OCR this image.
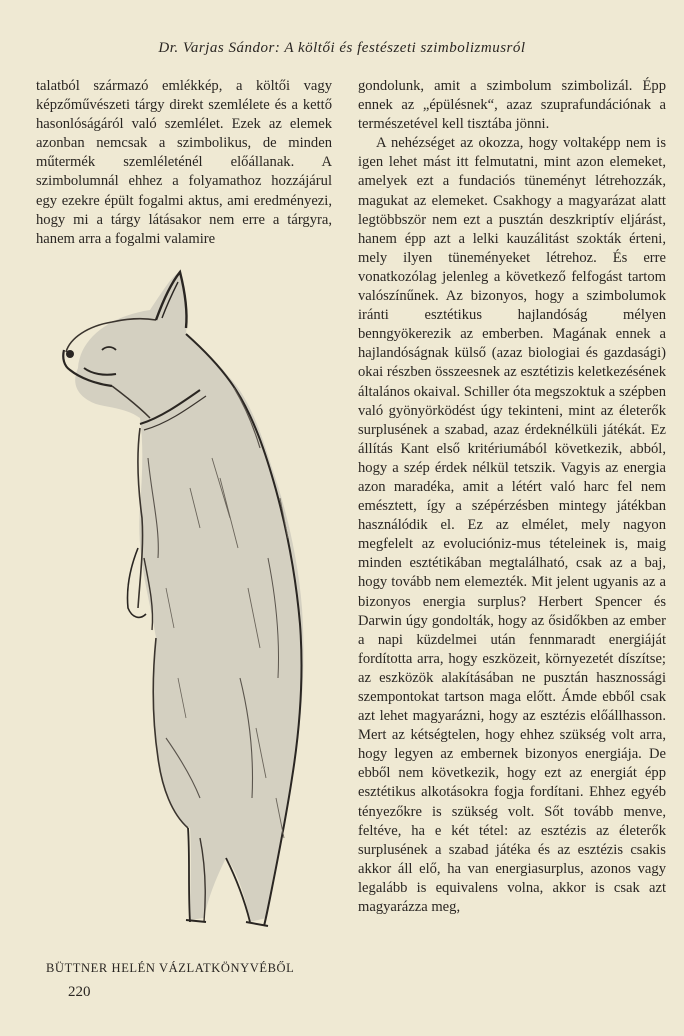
Dr. Varjas Sándor: A költői és festészeti szimbolizmusról

talatból származó emlékkép, a költői vagy képzőművészeti tárgy direkt szemlélete és a kettő hasonlóságáról való szemlélet. Ezek az elemek azonban nemcsak a szimbolikus, de minden műtermék szemléleténél előállanak. A szimbolumnál ehhez a folyamathoz hozzájárul egy ezekre épült fogalmi aktus, ami eredményezi, hogy mi a tárgy látásakor nem erre a tárgyra, hanem arra a fogalmi valamire

gondolunk, amit a szimbolum szimbolizál. Épp ennek az „épülésnek“, azaz szuprafundációnak a természetével kell tisztába jönni.

A nehézséget az okozza, hogy voltaképp nem is igen lehet mást itt felmutatni, mint azon elemeket, amelyek ezt a fundaciós tüneményt létrehozzák, magukat az elemeket. Csakhogy a magyarázat alatt legtöbbször nem ezt a pusztán deszkriptív eljárást, hanem épp azt a lelki kauzálitást szokták érteni, mely ilyen tüneményeket létrehoz. És erre vonatkozólag jelenleg a következő felfogást tartom valószínűnek. Az bizonyos, hogy a szimbolumok iránti esztétikus hajlandóság mélyen benngyökerezik az emberben. Magának ennek a hajlandóságnak külső (azaz biologiai és gazdasági) okai részben összeesnek az esztétizis keletkezésének általános okaival. Schiller óta megszoktuk a szépben való gyönyörködést úgy tekinteni, mint az életerők surplusének a szabad, azaz érdeknélküli játékát. Ez állítás Kant első kritériumából következik, abból, hogy a szép érdek nélkül tetszik. Vagyis az energia azon maradéka, amit a létért való harc fel nem emésztett, így a szépérzésben mintegy játékban használódik el. Ez az elmélet, mely nagyon megfelelt az evolucióniz-mus tételeinek is, maig minden esztétikában megtalálható, csak az a baj, hogy tovább nem elemezték. Mit jelent ugyanis az a bizonyos energia surplus? Herbert Spencer és Darwin úgy gondolták, hogy az ősidőkben az ember a napi küzdelmei után fennmaradt energiáját fordította arra, hogy eszközeit, környezetét díszítse; az eszközök alakításában ne pusztán hasznossági szempontokat tartson maga előtt. Ámde ebből csak azt lehet magyarázni, hogy az esztézis előállhasson. Mert az kétségtelen, hogy ehhez szükség volt arra, hogy legyen az embernek bizonyos energiája. De ebből nem következik, hogy ezt az energiát épp esztétikus alkotásokra fogja fordítani. Ehhez egyéb tényezőkre is szükség volt. Sőt tovább menve, feltéve, ha e két tétel: az esztézis az életerők surplusének a szabad játéka és az esztézis csakis akkor áll elő, ha van energiasurplus, azonos vagy legalább is equivalens volna, akkor is csak azt magyarázza meg,

BÜTTNER HELÉN VÁZLATKÖNYVÉBŐL
220
